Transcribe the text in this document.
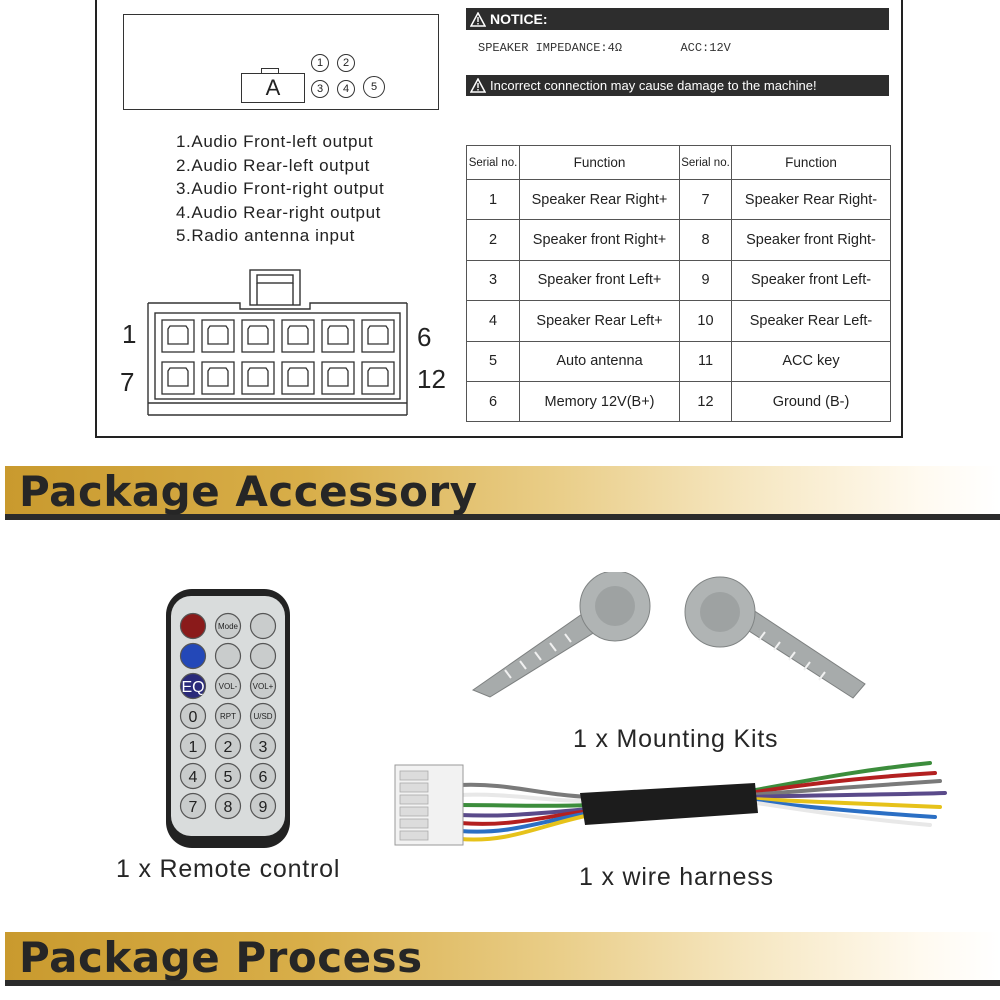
A
1	2
3	4	5
1.Audio Front-left output
2.Audio Rear-left output
3.Audio Front-right output
4.Audio Rear-right output
5.Radio antenna input
1	6
7	12
NOTICE:
SPEAKER IMPEDANCE:4Ω	ACC:12V
Incorrect connection may cause damage to the machine!
Serial no.	Function	Serial no.	Function
1	Speaker Rear Right+	7	Speaker Rear Right-
2	Speaker front Right+	8	Speaker front Right-
3	Speaker front Left+	9	Speaker front Left-
4	Speaker Rear Left+	10	Speaker Rear Left-
5	Auto antenna	11	ACC key
6	Memory 12V(B+)	12	Ground (B-)
Package Accessory
Mode
EQ VOL- VOL+
0	RPT U/SD
1 2 3
4 5 6
7 8 9
1 x Remote control
1 x Mounting Kits
1 x wire harness
Package Process
